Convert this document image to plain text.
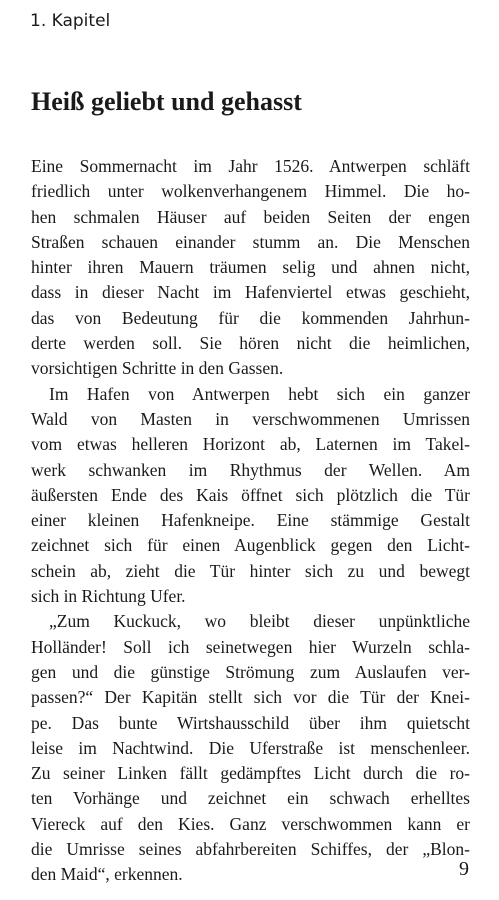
1. Kapitel
Heiß geliebt und gehasst
Eine Sommernacht im Jahr 1526. Antwerpen schläft
friedlich unter wolkenverhangenem Himmel. Die ho-
hen schmalen Häuser auf beiden Seiten der engen
Straßen schauen einander stumm an. Die Menschen
hinter ihren Mauern träumen selig und ahnen nicht,
dass in dieser Nacht im Hafenviertel etwas geschieht,
das von Bedeutung für die kommenden Jahrhun-
derte werden soll. Sie hören nicht die heimlichen,
vorsichtigen Schritte in den Gassen.
Im Hafen von Antwerpen hebt sich ein ganzer
Wald von Masten in verschwommenen Umrissen
vom etwas helleren Horizont ab, Laternen im Takel-
werk schwanken im Rhythmus der Wellen. Am
äußersten Ende des Kais öffnet sich plötzlich die Tür
einer kleinen Hafenkneipe. Eine stämmige Gestalt
zeichnet sich für einen Augenblick gegen den Licht-
schein ab, zieht die Tür hinter sich zu und bewegt
sich in Richtung Ufer.
„Zum Kuckuck, wo bleibt dieser unpünktliche
Holländer! Soll ich seinetwegen hier Wurzeln schla-
gen und die günstige Strömung zum Auslaufen ver-
passen?“ Der Kapitän stellt sich vor die Tür der Knei-
pe. Das bunte Wirtshausschild über ihm quietscht
leise im Nachtwind. Die Uferstraße ist menschenleer.
Zu seiner Linken fällt gedämpftes Licht durch die ro-
ten Vorhänge und zeichnet ein schwach erhelltes
Viereck auf den Kies. Ganz verschwommen kann er
die Umrisse seines abfahrbereiten Schiffes, der „Blon-
den Maid“, erkennen.	9
